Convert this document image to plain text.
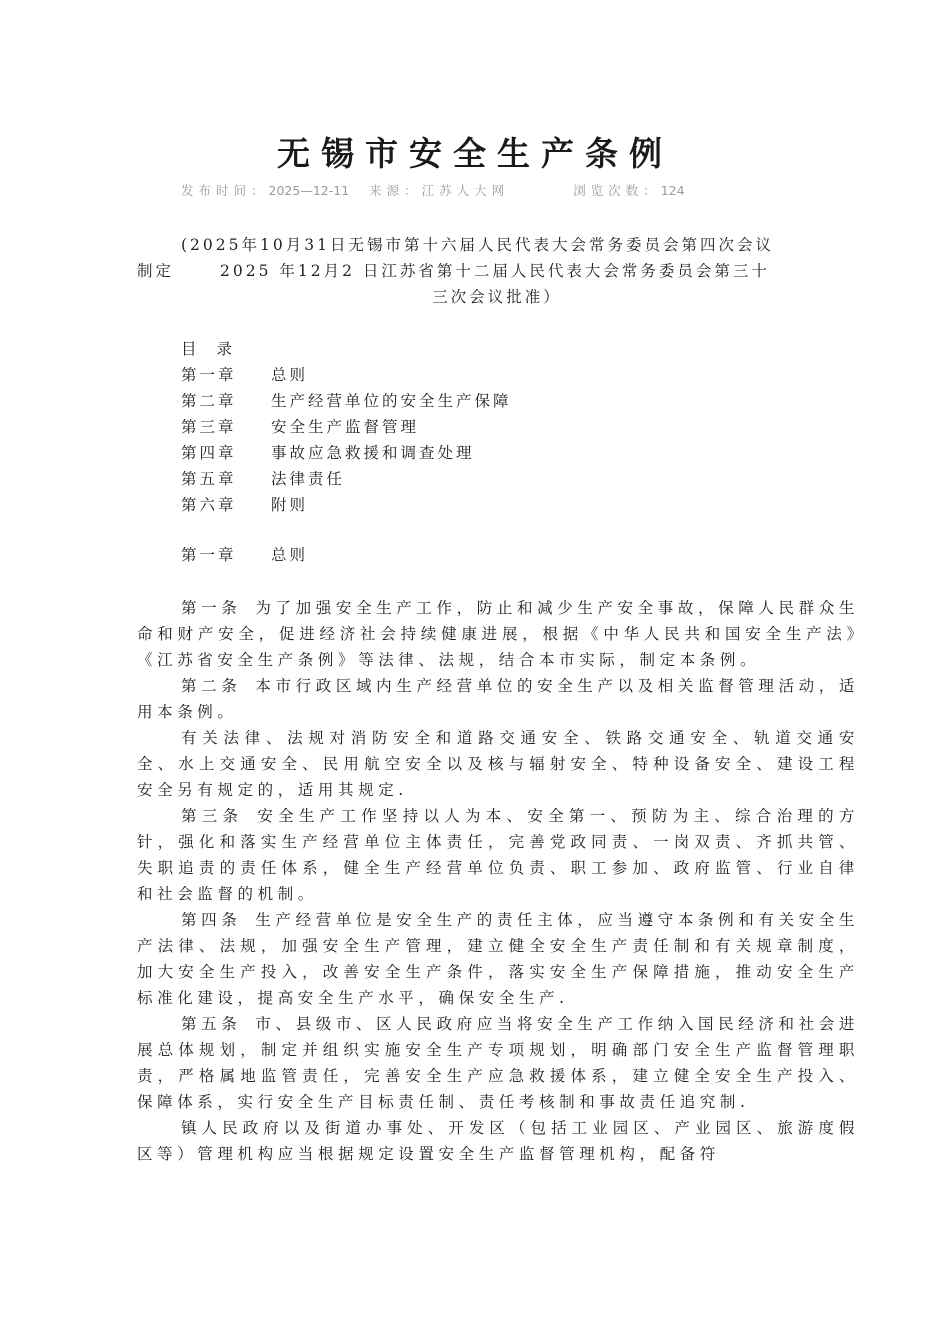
无锡市安全生产条例
发布时间：2025—12-11 来源：江苏人大网	浏览次数：124
(2025年10月31日无锡市第十六届人民代表大会常务委员会第四次会议
制定	2025 年12月2 日江苏省第十二届人民代表大会常务委员会第三十
三次会议批准）
目录
第一章 总则
第二章 生产经营单位的安全生产保障
第三章 安全生产监督管理
第四章 事故应急救援和调查处理
第五章 法律责任
第六章 附则
第一章 总则

第一条 为了加强安全生产工作，防止和减少生产安全事故，保障人民群众生命和财产安全，促进经济社会持续健康进展，根据《中华人民共和国安全生产法》《江苏省安全生产条例》等法律、法规，结合本市实际，制定本条例。

第二条 本市行政区域内生产经营单位的安全生产以及相关监督管理活动，适用本条例。

有关法律、法规对消防安全和道路交通安全、铁路交通安全、轨道交通安全、水上交通安全、民用航空安全以及核与辐射安全、特种设备安全、建设工程安全另有规定的，适用其规定.

第三条 安全生产工作坚持以人为本、安全第一、预防为主、综合治理的方针，强化和落实生产经营单位主体责任，完善党政同责、一岗双责、齐抓共管、失职追责的责任体系，健全生产经营单位负责、职工参加、政府监管、行业自律和社会监督的机制。

第四条 生产经营单位是安全生产的责任主体，应当遵守本条例和有关安全生产法律、法规，加强安全生产管理，建立健全安全生产责任制和有关规章制度，加大安全生产投入，改善安全生产条件，落实安全生产保障措施，推动安全生产标准化建设，提高安全生产水平，确保安全生产.

第五条 市、县级市、区人民政府应当将安全生产工作纳入国民经济和社会进展总体规划，制定并组织实施安全生产专项规划，明确部门安全生产监督管理职责，严格属地监管责任，完善安全生产应急救援体系，建立健全安全生产投入、保障体系，实行安全生产目标责任制、责任考核制和事故责任追究制.

镇人民政府以及街道办事处、开发区（包括工业园区、产业园区、旅游度假区等）管理机构应当根据规定设置安全生产监督管理机构，配备符
